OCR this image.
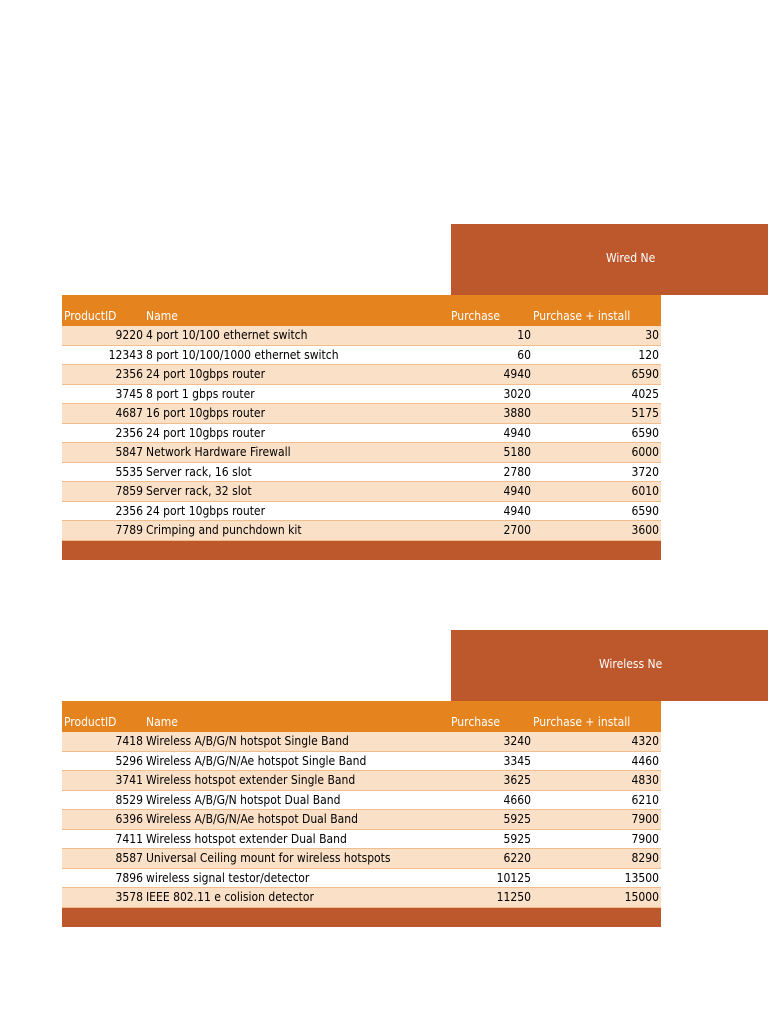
Wired Ne
ProductID Name	Purchase	Purchase + install
9220 4 port 10/100 ethernet switch	10	30
12343 8 port 10/100/1000 ethernet switch	60	120
2356 24 port 10gbps router	4940	6590
3745 8 port 1 gbps router	3020	4025
4687 16 port 10gbps router	3880	5175
2356 24 port 10gbps router	4940	6590
5847 Network Hardware Firewall	5180	6000
5535 Server rack, 16 slot	2780	3720
7859 Server rack, 32 slot	4940	6010
2356 24 port 10gbps router	4940	6590
7789 Crimping and punchdown kit	2700	3600
Wireless Ne
ProductID Name	Purchase	Purchase + install
7418 Wireless A/B/G/N hotspot Single Band	3240	4320
5296 Wireless A/B/G/N/Ae hotspot Single Band	3345	4460
3741 Wireless hotspot extender Single Band	3625	4830
8529 Wireless A/B/G/N hotspot Dual Band	4660	6210
6396 Wireless A/B/G/N/Ae hotspot Dual Band	5925	7900
7411 Wireless hotspot extender Dual Band	5925	7900
8587 Universal Ceiling mount for wireless hotspots	6220	8290
7896 wireless signal testor/detector	10125	13500
3578 IEEE 802.11 e colision detector	11250	15000
